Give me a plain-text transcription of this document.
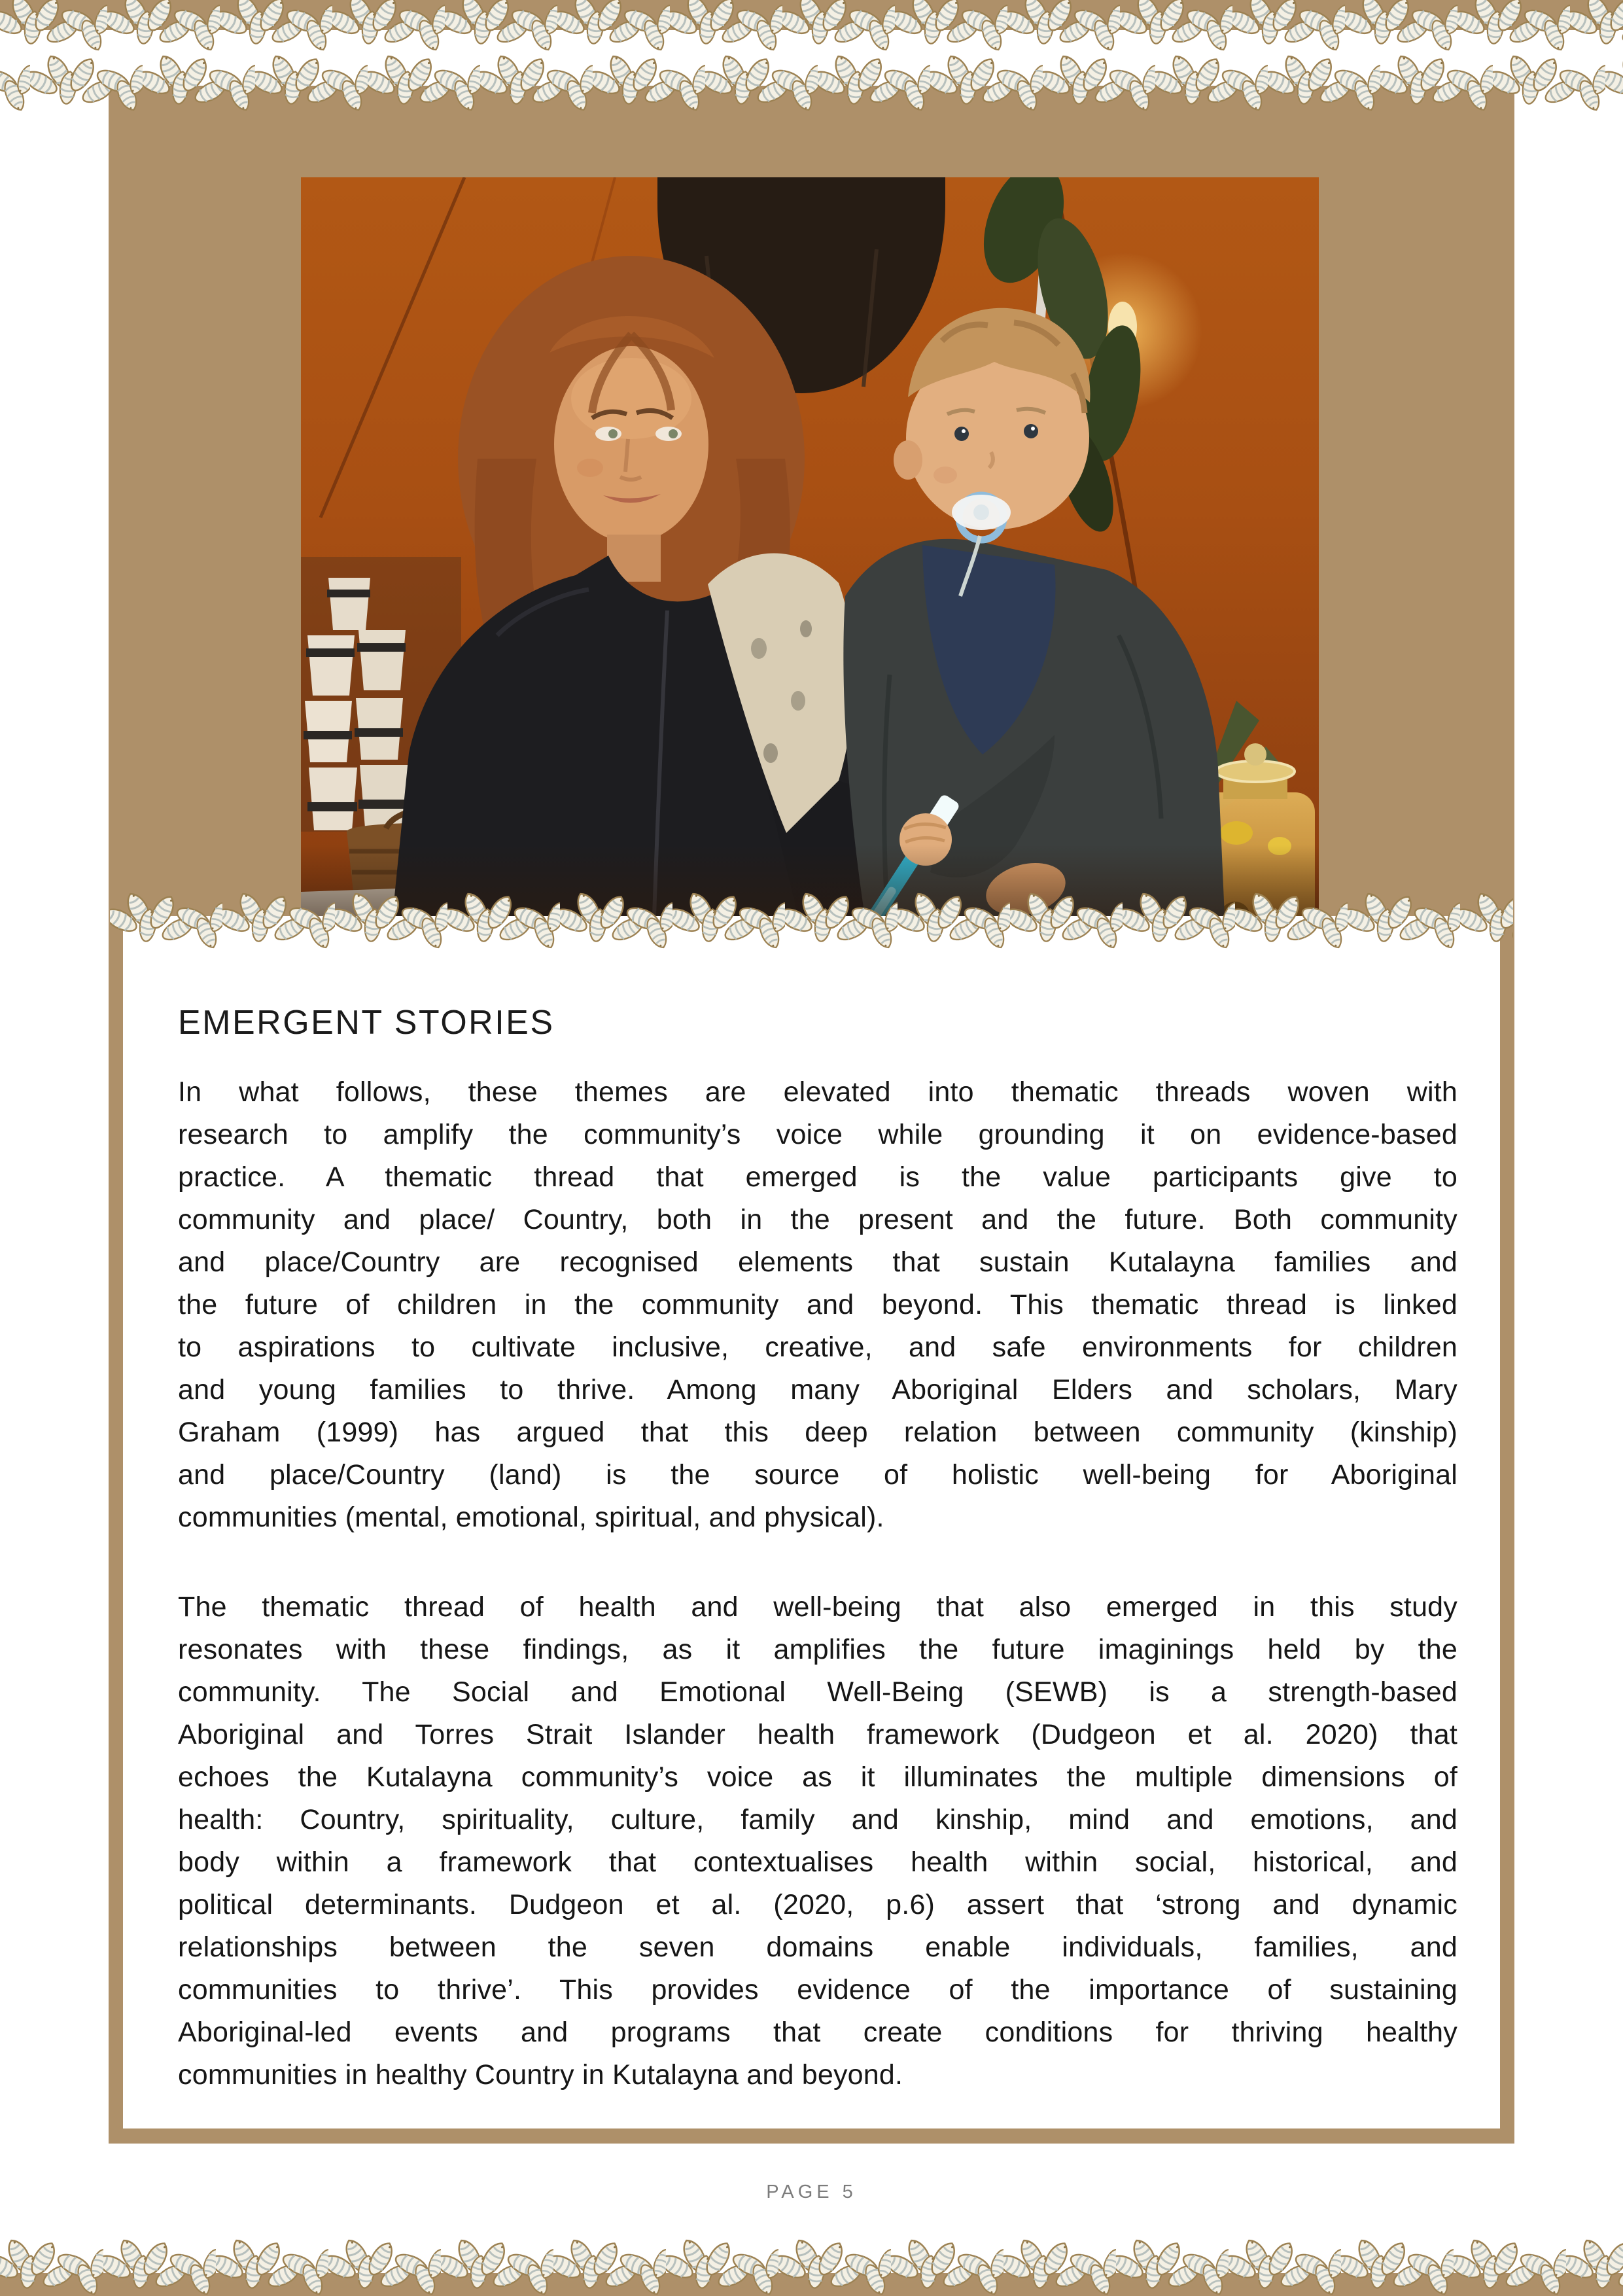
EMERGENT STORIES
In what follows, these themes are elevated into thematic threads woven with
research to amplify the community’s voice while grounding it on evidence-based
practice. A thematic thread that emerged is the value participants give to
community and place/ Country, both in the present and the future. Both community
and place/Country are recognised elements that sustain Kutalayna families and
the future of children in the community and beyond. This thematic thread is linked
to aspirations to cultivate inclusive, creative, and safe environments for children
and young families to thrive. Among many Aboriginal Elders and scholars, Mary
Graham (1999) has argued that this deep relation between community (kinship)
and place/Country (land) is the source of holistic well-being for Aboriginal
communities (mental, emotional, spiritual, and physical).
The thematic thread of health and well-being that also emerged in this study
resonates with these findings, as it amplifies the future imaginings held by the
community. The Social and Emotional Well-Being (SEWB) is a strength-based
Aboriginal and Torres Strait Islander health framework (Dudgeon et al. 2020) that
echoes the Kutalayna community’s voice as it illuminates the multiple dimensions of
health: Country, spirituality, culture, family and kinship, mind and emotions, and
body within a framework that contextualises health within social, historical, and
political determinants. Dudgeon et al. (2020, p.6) assert that ‘strong and dynamic
relationships between the seven domains enable individuals, families, and
communities to thrive’. This provides evidence of the importance of sustaining
Aboriginal-led events and programs that create conditions for thriving healthy
communities in healthy Country in Kutalayna and beyond.
PAGE 5
